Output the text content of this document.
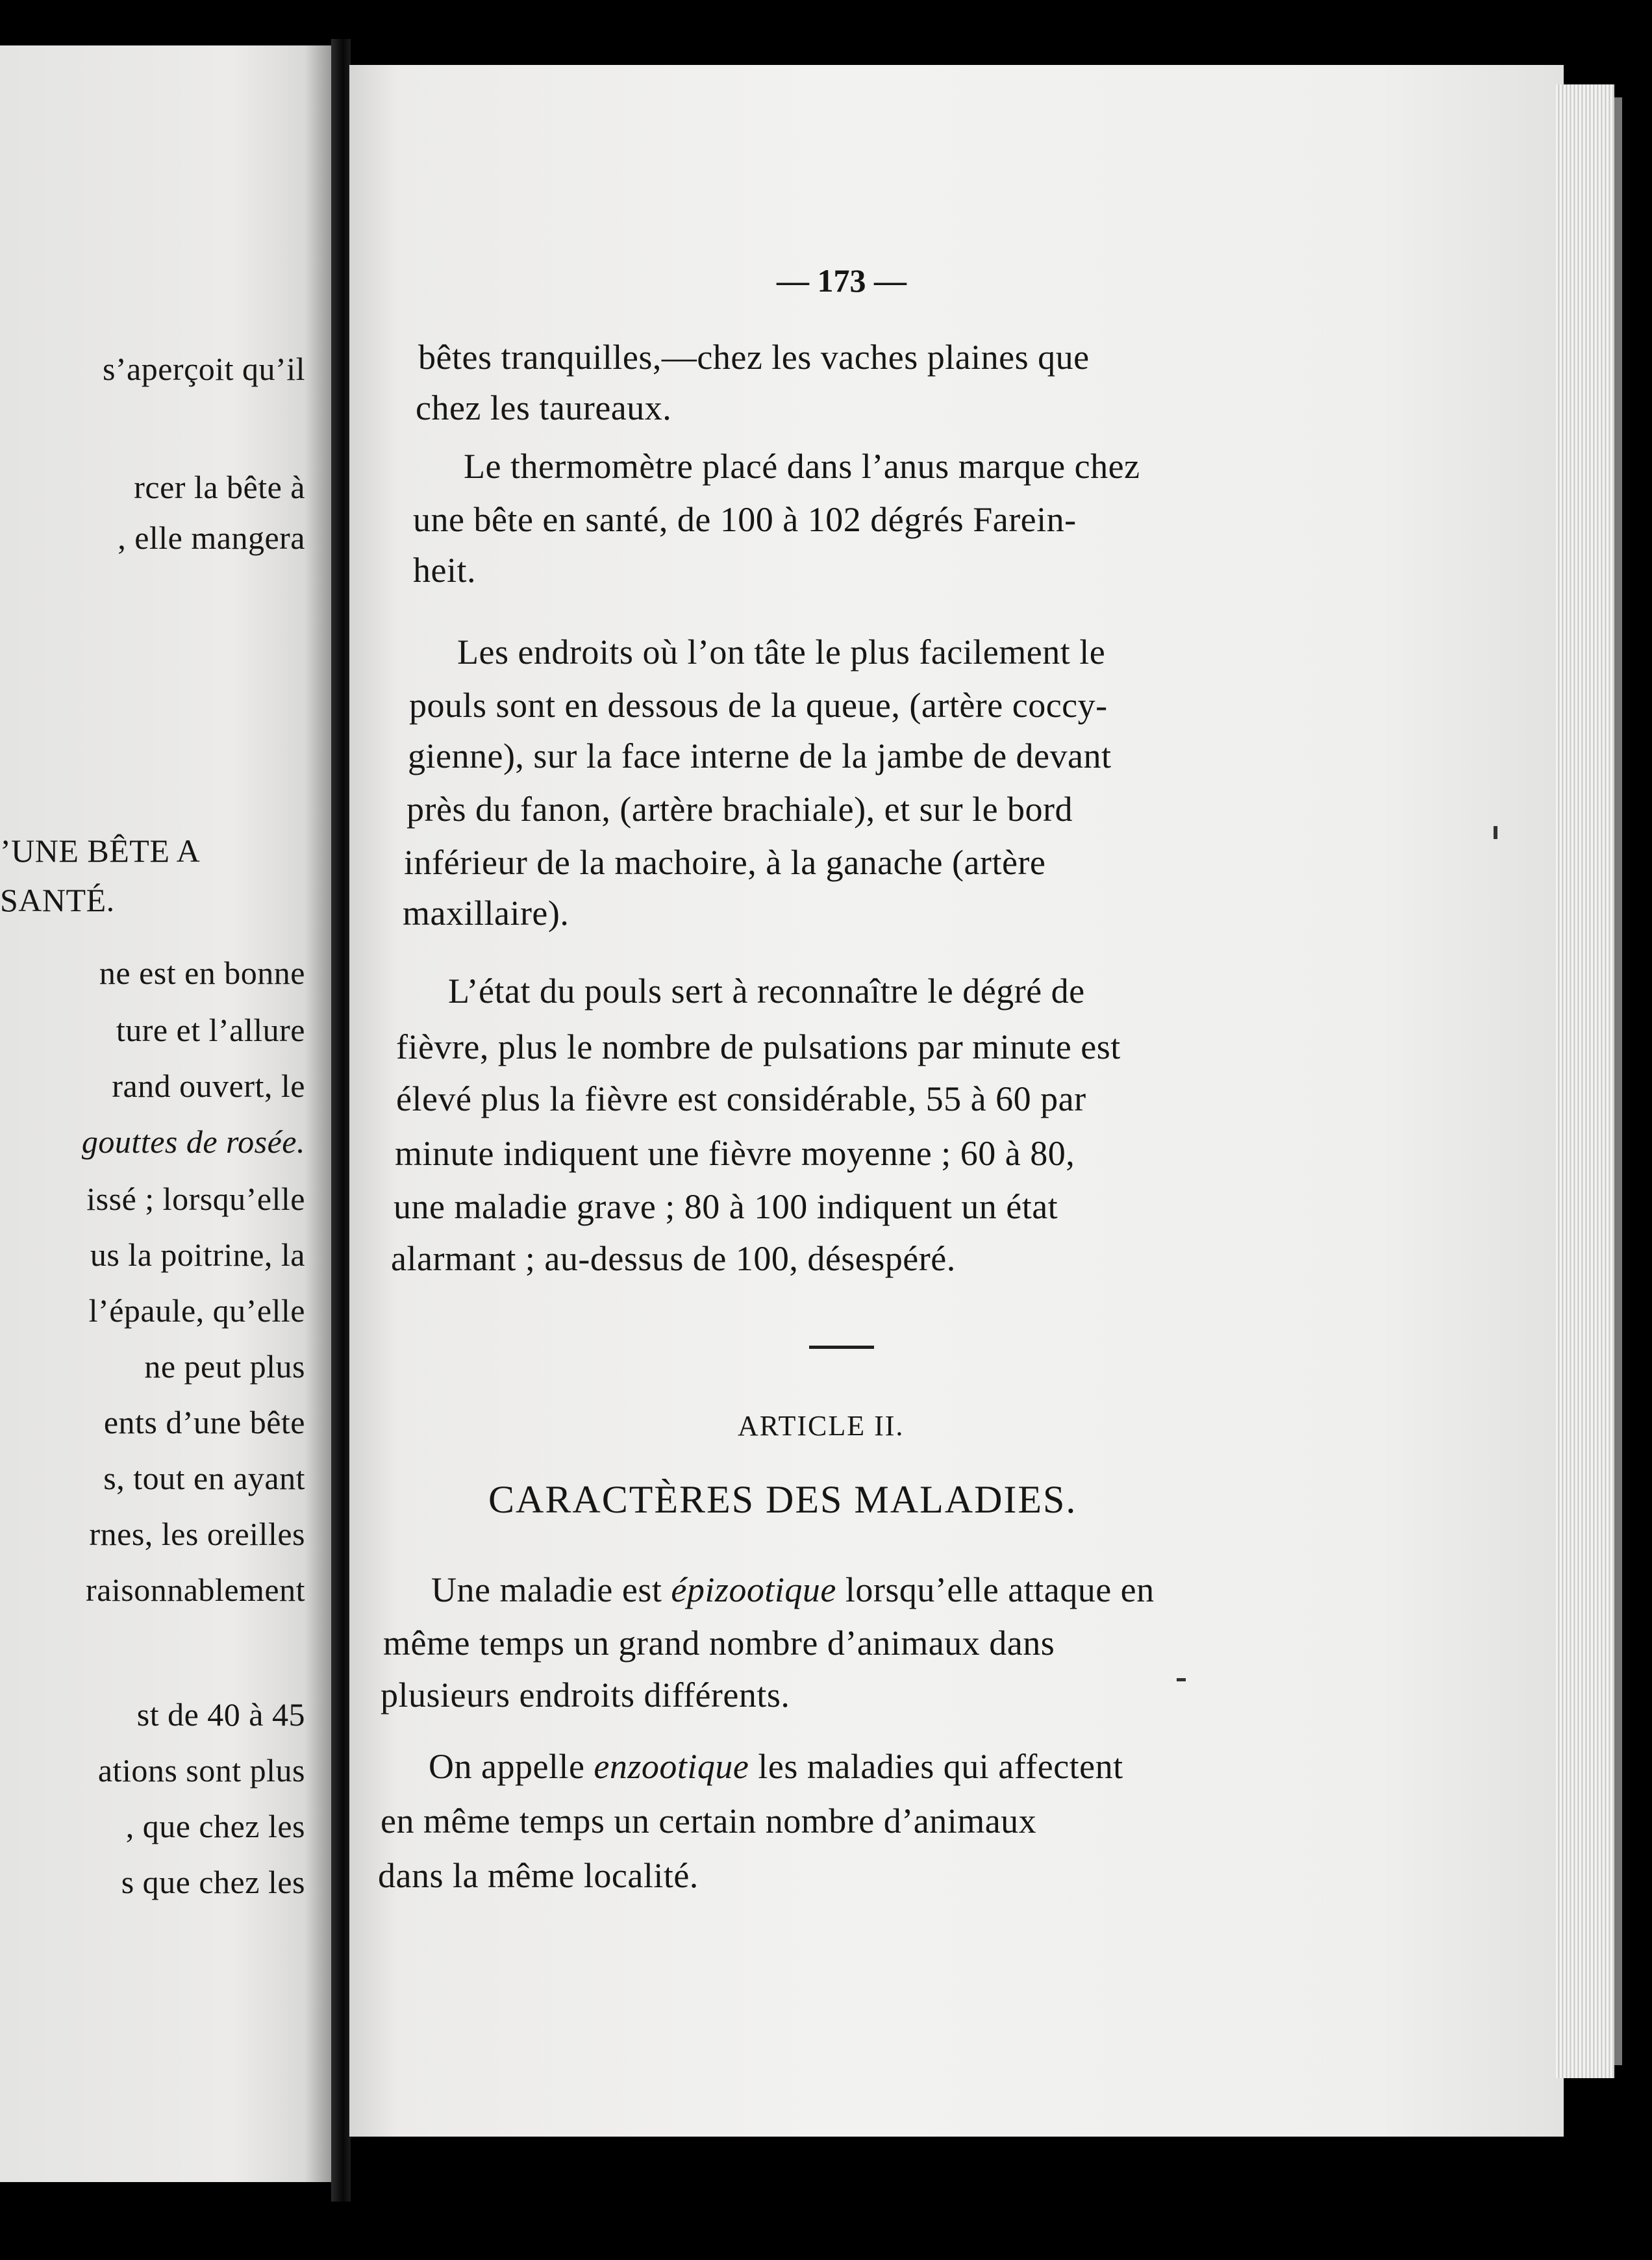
s’aperçoit qu’il
rcer la bête à
, elle mangera
’UNE BÊTE A
SANTÉ.
ne est en bonne
ture et l’allure
rand ouvert, le
gouttes de rosée.
issé ; lorsqu’elle
us la poitrine, la
l’épaule, qu’elle
ne peut plus
ents d’une bête
s, tout en ayant
rnes, les oreilles
raisonnablement
st de 40 à 45
ations sont plus
, que chez les
s que chez les
— 173 —
bêtes tranquilles,—chez les vaches plaines que
chez les taureaux.
Le thermomètre placé dans l’anus marque chez
une bête en santé, de 100 à 102 dégrés Farein-
heit.
Les endroits où l’on tâte le plus facilement le
pouls sont en dessous de la queue, (artère coccy-
gienne), sur la face interne de la jambe de devant
près du fanon, (artère brachiale), et sur le bord
inférieur de la machoire, à la ganache (artère
maxillaire).
L’état du pouls sert à reconnaître le dégré de
fièvre, plus le nombre de pulsations par minute est
élevé plus la fièvre est considérable, 55 à 60 par
minute indiquent une fièvre moyenne ; 60 à 80,
une maladie grave ; 80 à 100 indiquent un état
alarmant ; au-dessus de 100, désespéré.
ARTICLE II.
CARACTÈRES DES MALADIES.
Une maladie est épizootique lorsqu’elle attaque en
même temps un grand nombre d’animaux dans
plusieurs endroits différents.
On appelle enzootique les maladies qui affectent
en même temps un certain nombre d’animaux
dans la même localité.
